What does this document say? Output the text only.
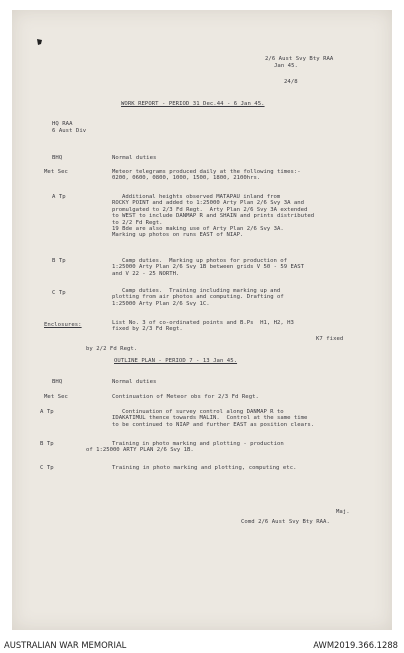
2/6 Aust Svy Bty RAA
Jan 45.
24/8
WORK REPORT - PERIOD 31 Dec.44 - 6 Jan 45.
HQ RAA
6 Aust Div
BHQ	Normal duties
Met Sec	Meteor telegrams produced daily at the following times:-
0200, 0600, 0800, 1000, 1500, 1800, 2100hrs.
A Tp	Additional heights observed MATAPAU inland from
ROCKY POINT and added to 1:25000 Arty Plan 2/6 Svy 3A and
promulgated to 2/3 Fd Regt.  Arty Plan 2/6 Svy 3A extended
to WEST to include DANMAP R and SHAIN and prints distributed
to 2/2 Fd Regt.
19 Bde are also making use of Arty Plan 2/6 Svy 3A.
Marking up photos on runs EAST of NIAP.
B Tp	Camp duties.  Marking up photos for production of
1:25000 Arty Plan 2/6 Svy 1B between grids V 50 - 59 EAST
and V 22 - 25 NORTH.
C Tp	Camp duties.  Training including marking up and
plotting from air photos and computing. Drafting of
1:25000 Arty Plan 2/6 Svy 1C.
Enclosures:	List No. 3 of co-ordinated points and B.Ps  H1, H2, H3
fixed by 2/3 Fd Regt.
K7 fixed
by 2/2 Fd Regt.
OUTLINE PLAN - PERIOD 7 - 13 Jan 45.
BHQ	Normal duties
Met Sec	Continuation of Meteor obs for 2/3 Fd Regt.
A Tp	Continuation of survey control along DANMAP R to
IDAKATIMUL thence towards MALIN.  Control at the same time
to be continued to NIAP and further EAST as position clears.
B Tp	Training in photo marking and plotting - production
of 1:25000 ARTY PLAN 2/6 Svy 1B.
C Tp	Training in photo marking and plotting, computing etc.
Maj.
Comd 2/6 Aust Svy Bty RAA.
AUSTRALIAN WAR MEMORIAL	AWM2019.366.1288
